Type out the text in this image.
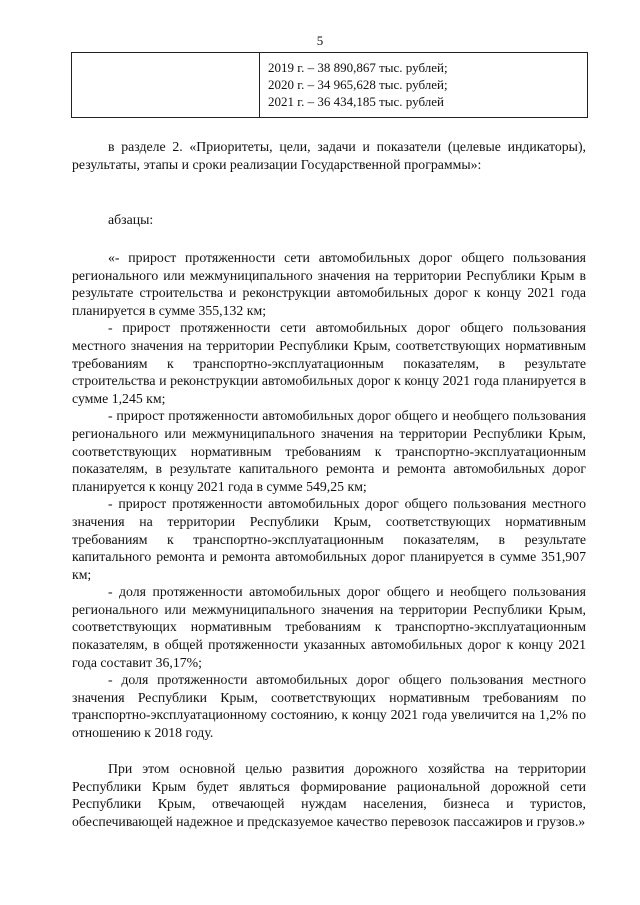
5
2019 г. – 38 890,867 тыс. рублей;
2020 г. – 34 965,628 тыс. рублей;
2021 г. – 36 434,185 тыс. рублей

в разделе 2. «Приоритеты, цели, задачи и показатели (целевые индикаторы), результаты, этапы и сроки реализации Государственной программы»:

абзацы:

«- прирост протяженности сети автомобильных дорог общего пользования регионального или межмуниципального значения на территории Республики Крым в результате строительства и реконструкции автомобильных дорог к концу 2021 года планируется в сумме 355,132 км;

- прирост протяженности сети автомобильных дорог общего пользования местного значения на территории Республики Крым, соответствующих нормативным требованиям к транспортно-эксплуатационным показателям, в результате строительства и реконструкции автомобильных дорог к концу 2021 года планируется в сумме 1,245 км;

- прирост протяженности автомобильных дорог общего и необщего пользования регионального или межмуниципального значения на территории Республики Крым, соответствующих нормативным требованиям к транспортно-эксплуатационным показателям, в результате капитального ремонта и ремонта автомобильных дорог планируется к концу 2021 года в сумме 549,25 км;

- прирост протяженности автомобильных дорог общего пользования местного значения на территории Республики Крым, соответствующих нормативным требованиям к транспортно-эксплуатационным показателям, в результате капитального ремонта и ремонта автомобильных дорог планируется в сумме 351,907 км;

- доля протяженности автомобильных дорог общего и необщего пользования регионального или межмуниципального значения на территории Республики Крым, соответствующих нормативным требованиям к транспортно-эксплуатационным показателям, в общей протяженности указанных автомобильных дорог к концу 2021 года составит 36,17%;

- доля протяженности автомобильных дорог общего пользования местного значения Республики Крым, соответствующих нормативным требованиям по транспортно-эксплуатационному состоянию, к концу 2021 года увеличится на 1,2% по отношению к 2018 году.

При этом основной целью развития дорожного хозяйства на территории Республики Крым будет являться формирование рациональной дорожной сети Республики Крым, отвечающей нуждам населения, бизнеса и туристов, обеспечивающей надежное и предсказуемое качество перевозок пассажиров и грузов.»
